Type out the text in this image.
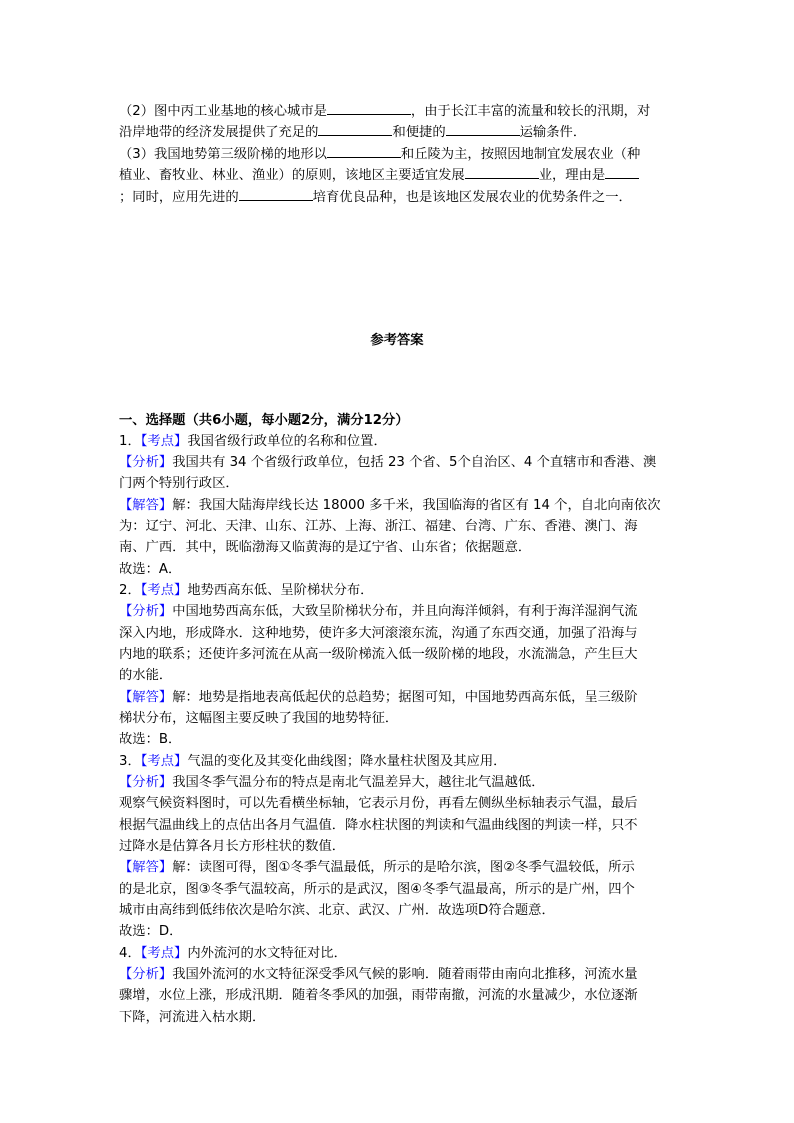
（2）图中丙工业基地的核心城市是	，由于长江丰富的流量和较长的汛期，对
沿岸地带的经济发展提供了充足的	和便捷的	运输条件．
（3）我国地势第三级阶梯的地形以	和丘陵为主，按照因地制宜发展农业（种
植业、畜牧业、林业、渔业）的原则，该地区主要适宜发展	业，理由是
；同时，应用先进的	培育优良品种，也是该地区发展农业的优势条件之一．
参考答案
一、选择题（共6小题，每小题2分，满分12分）
1．【考点】我国省级行政单位的名称和位置．
【分析】我国共有 34 个省级行政单位，包括 23 个省、5个自治区、4 个直辖市和香港、澳
门两个特别行政区．
【解答】解：我国大陆海岸线长达 18000 多千米，我国临海的省区有 14 个，自北向南依次
为：辽宁、河北、天津、山东、江苏、上海、浙江、福建、台湾、广东、香港、澳门、海
南、广西．其中，既临渤海又临黄海的是辽宁省、山东省；依据题意．
故选：A．
2．【考点】地势西高东低、呈阶梯状分布．
【分析】中国地势西高东低，大致呈阶梯状分布，并且向海洋倾斜，有利于海洋湿润气流
深入内地，形成降水．这种地势，使许多大河滚滚东流，沟通了东西交通，加强了沿海与
内地的联系；还使许多河流在从高一级阶梯流入低一级阶梯的地段，水流湍急，产生巨大
的水能．
【解答】解：地势是指地表高低起伏的总趋势；据图可知，中国地势西高东低，呈三级阶
梯状分布，这幅图主要反映了我国的地势特征．
故选：B．
3．【考点】气温的变化及其变化曲线图；降水量柱状图及其应用．
【分析】我国冬季气温分布的特点是南北气温差异大，越往北气温越低．
观察气候资料图时，可以先看横坐标轴，它表示月份，再看左侧纵坐标轴表示气温，最后
根据气温曲线上的点估出各月气温值．降水柱状图的判读和气温曲线图的判读一样，只不
过降水是估算各月长方形柱状的数值．
【解答】解：读图可得，图①冬季气温最低，所示的是哈尔滨，图②冬季气温较低，所示
的是北京，图③冬季气温较高，所示的是武汉，图④冬季气温最高，所示的是广州，四个
城市由高纬到低纬依次是哈尔滨、北京、武汉、广州．故选项D符合题意．
故选：D．
4．【考点】内外流河的水文特征对比．
【分析】我国外流河的水文特征深受季风气候的影响．随着雨带由南向北推移，河流水量
骤增，水位上涨，形成汛期．随着冬季风的加强，雨带南撤，河流的水量减少，水位逐渐
下降，河流进入枯水期．
